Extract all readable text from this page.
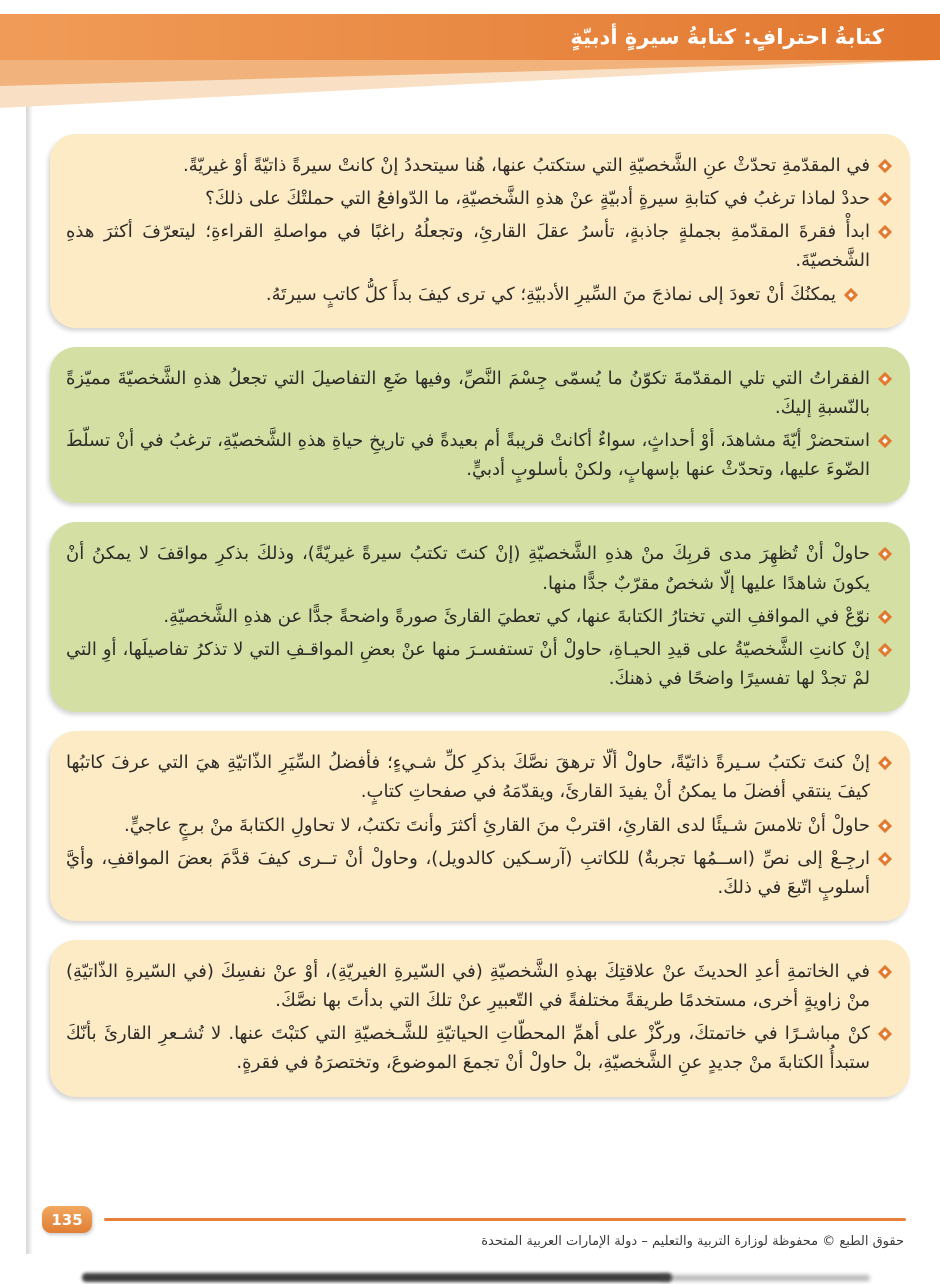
كتابةُ احترافٍ: كتابةُ سيرةٍ أدبيّةٍ
في المقدّمةِ تحدّثْ عنِ الشَّخصيّةِ التي ستكتبُ عنها، هُنا سيتحددُ إنْ كانتْ سيرةً ذاتيّةً أوْ غيريّةً.
حددْ لماذا ترغبُ في كتابةِ سيرةٍ أدبيّةٍ عنْ هذهِ الشَّخصيّةِ، ما الدّوافعُ التي حملتْكَ على ذلكَ؟
ابدأْ فقرةَ المقدّمةِ بجملةٍ جاذبةٍ، تأسرُ عقلَ القارئِ، وتجعلُهُ راغبًا في مواصلةِ القراءةِ؛ ليتعرّفَ أكثرَ هذهِ الشَّخصيّةَ.
يمكنُكَ أنْ تعودَ إلى نماذجَ منَ السِّيرِ الأدبيّةِ؛ كي ترى كيفَ بدأَ كلُّ كاتبٍ سيرتَهُ.
الفقراتُ التي تلي المقدّمةَ تكوّنُ ما يُسمّى جِسْمَ النَّصِّ، وفيها ضَعِ التفاصيلَ التي تجعلُ هذهِ الشَّخصيّةَ مميّزةً بالنّسبةِ إليكَ.
استحضرْ أيّةَ مشاهدَ، أوْ أحداثٍ، سواءٌ أكانتْ قريبةً أم بعيدةً في تاريخِ حياةِ هذهِ الشَّخصيّةِ، ترغبُ في أنْ تسلّطَ الضّوءَ عليها، وتحدّثْ عنها بإسهابٍ، ولكنْ بأسلوبٍ أدبيٍّ.
حاولْ أنْ تُظهِرَ مدى قربِكَ منْ هذهِ الشَّخصيّةِ (إنْ كنتَ تكتبُ سيرةً غيريّةً)، وذلكَ بذكرِ مواقفَ لا يمكنُ أنْ يكونَ شاهدًا عليها إلّا شخصٌ مقرّبٌ جدًّا منها.
نوّعْ في المواقفِ التي تختارُ الكتابةَ عنها، كي تعطيَ القارئَ صورةً واضحةً جدًّا عن هذهِ الشَّخصيّةِ.
إنْ كانتِ الشَّخصيّةُ على قيدِ الحيـاةِ، حاولْ أنْ تستفسـرَ منها عنْ بعضِ المواقـفِ التي لا تذكرُ تفاصيلَها، أوِ التي لمْ تجدْ لها تفسيرًا واضحًا في ذهنكَ.
إنْ كنتَ تكتبُ سـيرةً ذاتيّةً، حاولْ ألّا ترهقَ نصَّكَ بذكرِ كلِّ شـيءٍ؛ فأفضلُ السِّيَرِ الذّاتيّةِ هيَ التي عرفَ كاتبُها كيفَ ينتقي أفضلَ ما يمكنُ أنْ يفيدَ القارئَ، ويقدّمَهُ في صفحاتِ كتابٍ.
حاولْ أنْ تلامسَ شـيئًا لدى القارئِ، اقتربْ منَ القارئِ أكثرَ وأنتَ تكتبُ، لا تحاولِ الكتابةَ منْ برجٍ عاجيٍّ.
ارجِـعْ إلى نصِّ (اســمُها تجربةٌ) للكاتبِ (آرسـكين كالدويل)، وحاولْ أنْ تــرى كيفَ قدَّمَ بعضَ المواقفِ، وأيَّ أسلوبٍ اتّبعَ في ذلكَ.
في الخاتمةِ أعدِ الحديثَ عنْ علاقتِكَ بهذهِ الشَّخصيّةِ (في السّيرةِ الغيريّةِ)، أوْ عنْ نفسِكَ (في السّيرةِ الذّاتيّةِ) منْ زاويةٍ أخرى، مستخدمًا طريقةً مختلفةً في التّعبيرِ عنْ تلكَ التي بدأتَ بها نصَّكَ.
كنْ مباشـرًا في خاتمتكَ، وركّزْ على أهمِّ المحطّاتِ الحياتيّةِ للشَّـخصيّةِ التي كتبْتَ عنها. لا تُشـعرِ القارئَ بأنّكَ ستبدأُ الكتابةَ منْ جديدٍ عنِ الشَّخصيّةِ، بلْ حاولْ أنْ تجمعَ الموضوعَ، وتختصرَهُ في فقرةٍ.
135
حقوق الطبع © محفوظة لوزارة التربية والتعليم – دولة الإمارات العربية المتحدة
